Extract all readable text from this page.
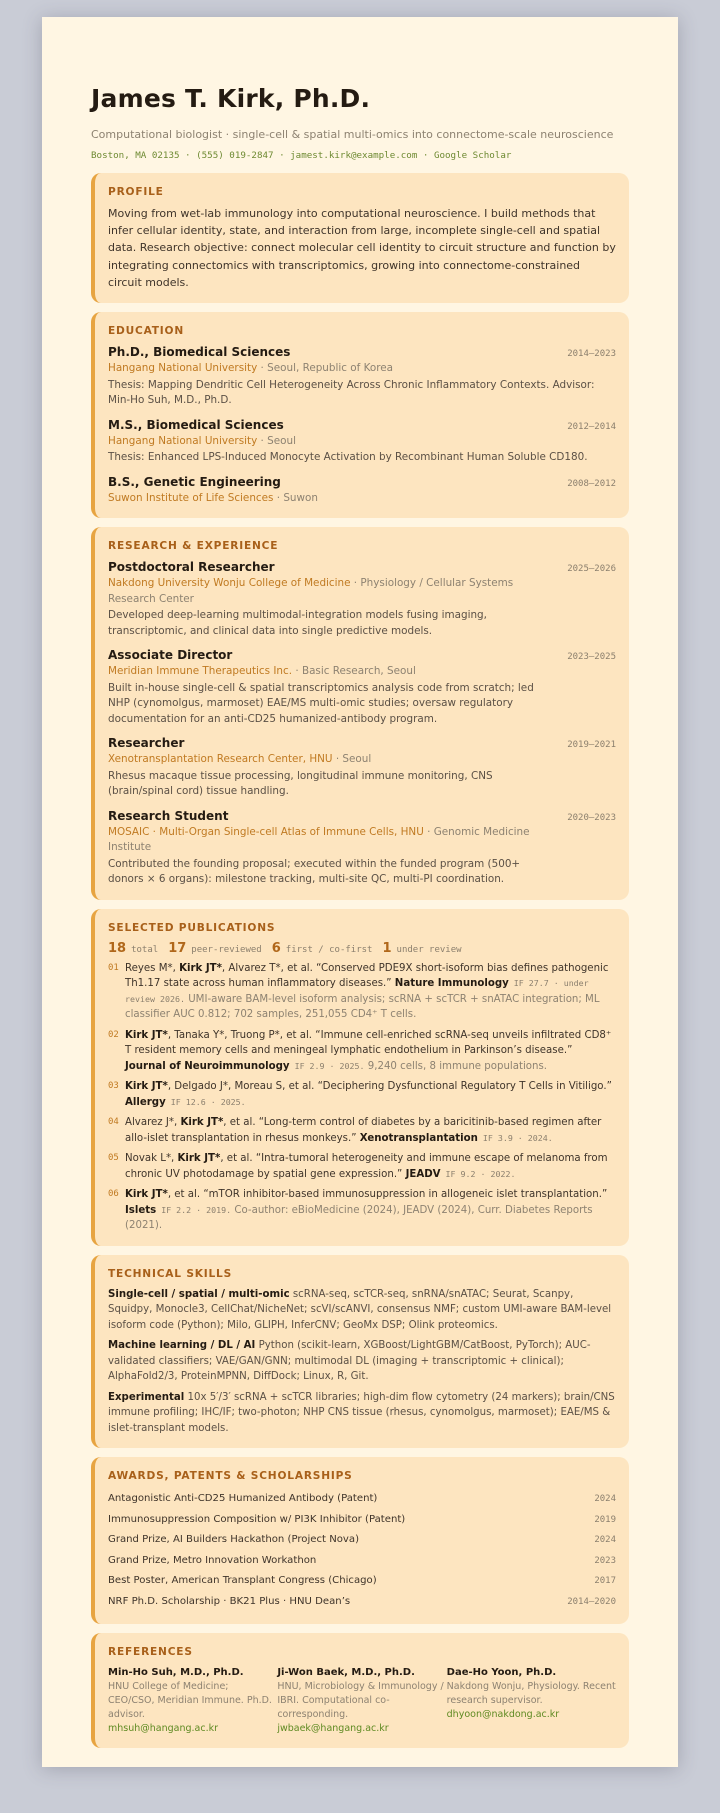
James T. Kirk, Ph.D.
Computational biologist · single-cell & spatial multi-omics into connectome-scale neuroscience
Boston, MA 02135 · (555) 019-2847 · jamest.kirk@example.com · Google Scholar
PROFILE

Moving from wet-lab immunology into computational neuroscience. I build methods that infer cellular identity, state, and interaction from large, incomplete single-cell and spatial data. Research objective: connect molecular cell identity to circuit structure and function by integrating connectomics with transcriptomics, growing into connectome-constrained circuit models.

EDUCATION
Ph.D., Biomedical Sciences	2014–2023
Hangang National University · Seoul, Republic of Korea
Thesis: Mapping Dendritic Cell Heterogeneity Across Chronic Inflammatory Contexts. Advisor: Min-Ho Suh, M.D., Ph.D.
M.S., Biomedical Sciences	2012–2014
Hangang National University · Seoul
Thesis: Enhanced LPS-Induced Monocyte Activation by Recombinant Human Soluble CD180.
B.S., Genetic Engineering	2008–2012
Suwon Institute of Life Sciences · Suwon
RESEARCH & EXPERIENCE
Postdoctoral Researcher	2025–2026
Nakdong University Wonju College of Medicine · Physiology / Cellular Systems Research Center
Developed deep-learning multimodal-integration models fusing imaging, transcriptomic, and clinical data into single predictive models.
Associate Director	2023–2025
Meridian Immune Therapeutics Inc. · Basic Research, Seoul
Built in-house single-cell & spatial transcriptomics analysis code from scratch; led NHP (cynomolgus, marmoset) EAE/MS multi-omic studies; oversaw regulatory documentation for an anti-CD25 humanized-antibody program.
Researcher	2019–2021
Xenotransplantation Research Center, HNU · Seoul
Rhesus macaque tissue processing, longitudinal immune monitoring, CNS (brain/spinal cord) tissue handling.
Research Student	2020–2023
MOSAIC · Multi-Organ Single-cell Atlas of Immune Cells, HNU · Genomic Medicine Institute
Contributed the founding proposal; executed within the funded program (500+ donors × 6 organs): milestone tracking, multi-site QC, multi-PI coordination.
SELECTED PUBLICATIONS
18 total 17 peer-reviewed 6 first / co-first 1 under review
01 Reyes M*, Kirk JT*, Alvarez T*, et al. “Conserved PDE9X short-isoform bias defines pathogenic Th1.17 state across human inflammatory diseases.” Nature Immunology IF 27.7 · under review 2026. UMI-aware BAM-level isoform analysis; scRNA + scTCR + snATAC integration; ML classifier AUC 0.812; 702 samples, 251,055 CD4⁺ T cells.
02 Kirk JT*, Tanaka Y*, Truong P*, et al. “Immune cell-enriched scRNA-seq unveils infiltrated CD8⁺ T resident memory cells and meningeal lymphatic endothelium in Parkinson’s disease.” Journal of Neuroimmunology IF 2.9 · 2025. 9,240 cells, 8 immune populations.
03 Kirk JT*, Delgado J*, Moreau S, et al. “Deciphering Dysfunctional Regulatory T Cells in Vitiligo.” Allergy IF 12.6 · 2025.
04 Alvarez J*, Kirk JT*, et al. “Long-term control of diabetes by a baricitinib-based regimen after allo-islet transplantation in rhesus monkeys.” Xenotransplantation IF 3.9 · 2024.
05 Novak L*, Kirk JT*, et al. “Intra-tumoral heterogeneity and immune escape of melanoma from chronic UV photodamage by spatial gene expression.” JEADV IF 9.2 · 2022.
06 Kirk JT*, et al. “mTOR inhibitor-based immunosuppression in allogeneic islet transplantation.” Islets IF 2.2 · 2019. Co-author: eBioMedicine (2024), JEADV (2024), Curr. Diabetes Reports (2021).
TECHNICAL SKILLS
Single-cell / spatial / multi-omic scRNA-seq, scTCR-seq, snRNA/snATAC; Seurat, Scanpy, Squidpy, Monocle3, CellChat/NicheNet; scVI/scANVI, consensus NMF; custom UMI-aware BAM-level isoform code (Python); Milo, GLIPH, InferCNV; GeoMx DSP; Olink proteomics.
Machine learning / DL / AI Python (scikit-learn, XGBoost/LightGBM/CatBoost, PyTorch); AUC-validated classifiers; VAE/GAN/GNN; multimodal DL (imaging + transcriptomic + clinical); AlphaFold2/3, ProteinMPNN, DiffDock; Linux, R, Git.
Experimental 10x 5′/3′ scRNA + scTCR libraries; high-dim flow cytometry (24 markers); brain/CNS immune profiling; IHC/IF; two-photon; NHP CNS tissue (rhesus, cynomolgus, marmoset); EAE/MS & islet-transplant models.
AWARDS, PATENTS & SCHOLARSHIPS
Antagonistic Anti-CD25 Humanized Antibody (Patent)	2024
Immunosuppression Composition w/ PI3K Inhibitor (Patent)	2019
Grand Prize, AI Builders Hackathon (Project Nova)	2024
Grand Prize, Metro Innovation Workathon	2023
Best Poster, American Transplant Congress (Chicago)	2017
NRF Ph.D. Scholarship · BK21 Plus · HNU Dean’s	2014–2020
REFERENCES
Min-Ho Suh, M.D., Ph.D.
HNU College of Medicine; CEO/CSO, Meridian Immune. Ph.D. advisor.
mhsuh@hangang.ac.kr
Ji-Won Baek, M.D., Ph.D.
HNU, Microbiology & Immunology / IBRI. Computational co-corresponding.
jwbaek@hangang.ac.kr
Dae-Ho Yoon, Ph.D.
Nakdong Wonju, Physiology. Recent research supervisor.
dhyoon@nakdong.ac.kr
